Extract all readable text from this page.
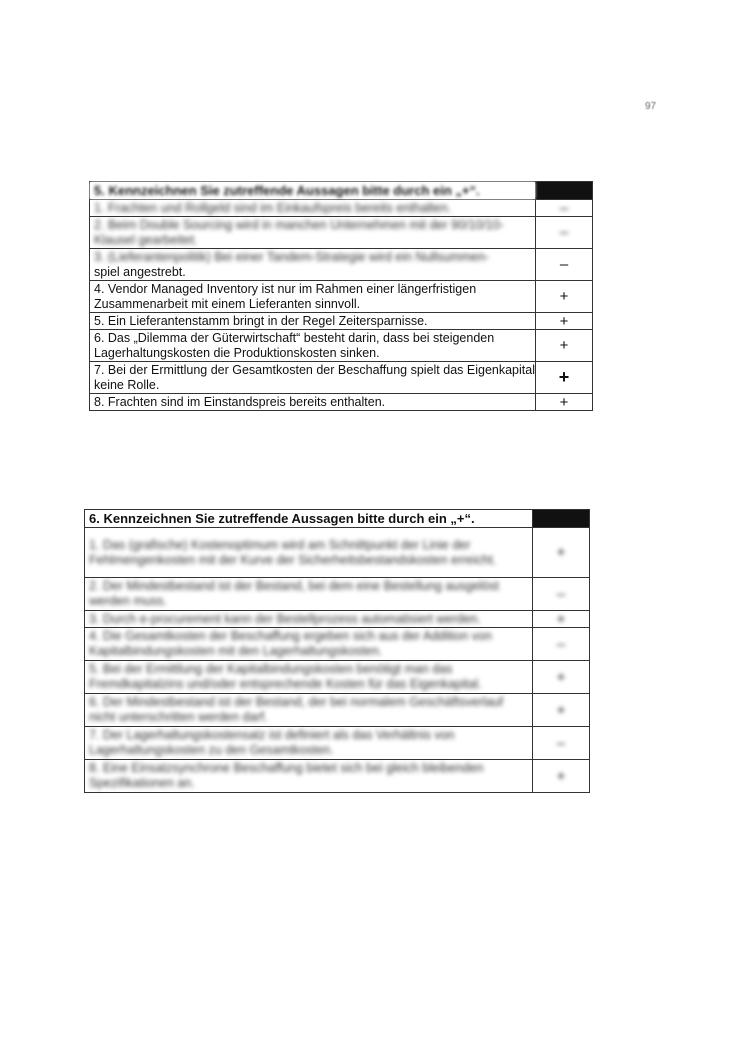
97
5. Kennzeichnen Sie zutreffende Aussagen bitte durch ein „+“.	
1. Frachten und Rollgeld sind im Einkaufspreis bereits enthalten.	–
2. Beim Double Sourcing wird in manchen Unternehmen mit der 90/10/10-Klausel gearbeitet.	–

3. (Lieferantenpolitik) Bei einer Tandem-Strategie wird ein Nullsummen-
spiel angestrebt.	–
4. Vendor Managed Inventory ist nur im Rahmen einer längerfristigen Zusammenarbeit mit einem Lieferanten sinnvoll.	+
5. Ein Lieferantenstamm bringt in der Regel Zeitersparnisse.	+
6. Das „Dilemma der Güterwirtschaft“ besteht darin, dass bei steigenden Lagerhaltungskosten die Produktionskosten sinken.	+
7. Bei der Ermittlung der Gesamtkosten der Beschaffung spielt das Eigenkapital keine Rolle.	+
8. Frachten sind im Einstandspreis bereits enthalten.	+
6. Kennzeichnen Sie zutreffende Aussagen bitte durch ein „+“.	
1. Das (grafische) Kostenoptimum wird am Schnittpunkt der Linie der Fehlmengenkosten mit der Kurve der Sicherheitsbestandskosten erreicht.	+
2. Der Mindestbestand ist der Bestand, bei dem eine Bestellung ausgelöst werden muss.	–
3. Durch e-procurement kann der Bestellprozess automatisiert werden.	+
4. Die Gesamtkosten der Beschaffung ergeben sich aus der Addition von Kapitalbindungskosten mit den Lagerhaltungskosten.	–
5. Bei der Ermittlung der Kapitalbindungskosten benötigt man das Fremdkapitalzins und/oder entsprechende Kosten für das Eigenkapital.	+
6. Der Mindestbestand ist der Bestand, der bei normalem Geschäftsverlauf nicht unterschritten werden darf.	+
7. Der Lagerhaltungskostensatz ist definiert als das Verhältnis von Lagerhaltungskosten zu den Gesamtkosten.	–
8. Eine Einsatzsynchrone Beschaffung bietet sich bei gleich bleibenden Spezifikationen an.	+
